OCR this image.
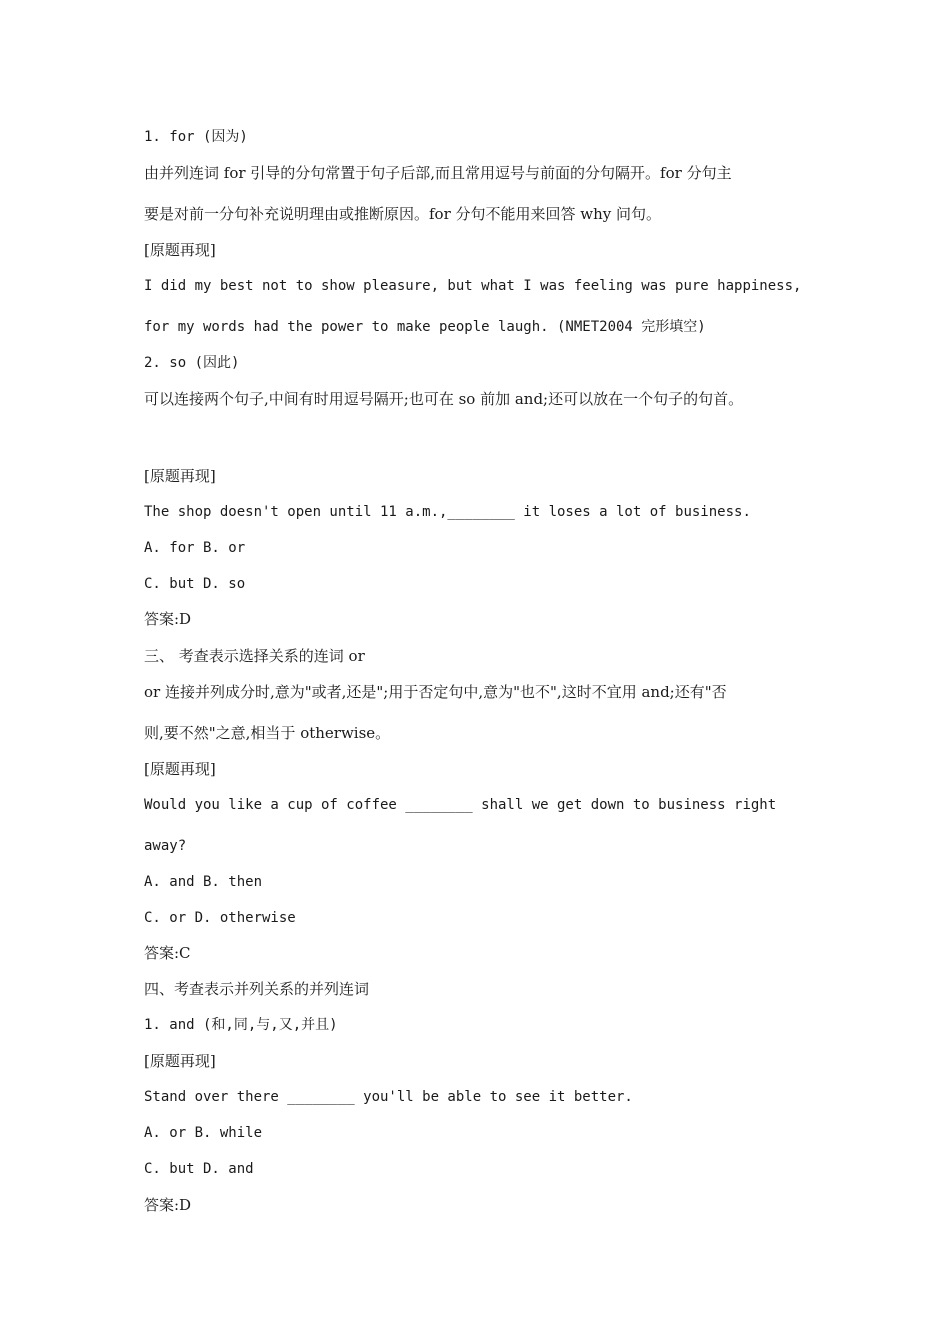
1. for (因为)

由并列连词 for 引导的分句常置于句子后部,而且常用逗号与前面的分句隔开。for 分句主

要是对前一分句补充说明理由或推断原因。for 分句不能用来回答 why 问句。

[原题再现]

I did my best not to show pleasure, but what I was feeling was pure happiness,

for my words had the power to make people laugh. (NMET2004 完形填空)

2. so (因此)

可以连接两个句子,中间有时用逗号隔开;也可在 so 前加 and;还可以放在一个句子的句首。

[原题再现]

The shop doesn't open until 11 a.m.,________ it loses a lot of business.

A. for B. or

C. but D. so

答案:D

三、 考查表示选择关系的连词 or

or 连接并列成分时,意为"或者,还是";用于否定句中,意为"也不",这时不宜用 and;还有"否

则,要不然"之意,相当于 otherwise。

[原题再现]

Would you like a cup of coffee ________ shall we get down to business right

away?

A. and B. then

C. or D. otherwise

答案:C

四、考查表示并列关系的并列连词

1. and (和,同,与,又,并且)

[原题再现]

Stand over there ________ you'll be able to see it better.

A. or B. while

C. but D. and

答案:D
